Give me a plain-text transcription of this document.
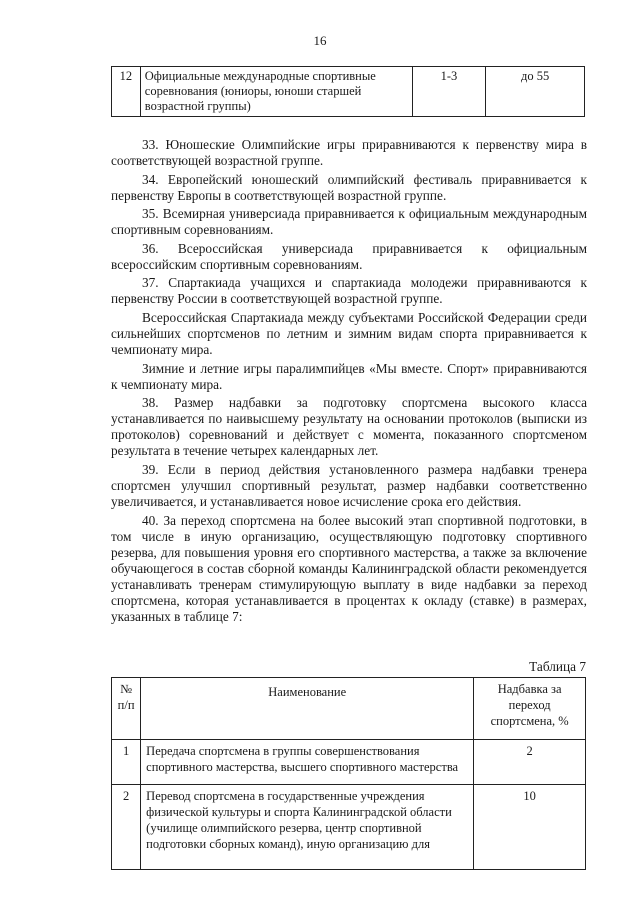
16
12	Официальные международные спортивные соревнования (юниоры, юноши старшей возрастной группы)	1-3	до 55

33. Юношеские Олимпийские игры приравниваются к первенству мира в соответствующей возрастной группе.

34. Европейский юношеский олимпийский фестиваль приравнивается к первенству Европы в соответствующей возрастной группе.

35. Всемирная универсиада приравнивается к официальным международным спортивным соревнованиям.

36. Всероссийская универсиада приравнивается к официальным всероссийским спортивным соревнованиям.

37. Спартакиада учащихся и спартакиада молодежи приравниваются к первенству России в соответствующей возрастной группе.

Всероссийская Спартакиада между субъектами Российской Федерации среди сильнейших спортсменов по летним и зимним видам спорта приравнивается к чемпионату мира.

Зимние и летние игры паралимпийцев «Мы вместе. Спорт» приравниваются к чемпионату мира.

38. Размер надбавки за подготовку спортсмена высокого класса устанавливается по наивысшему результату на основании протоколов (выписки из протоколов) соревнований и действует с момента, показанного спортсменом результата в течение четырех календарных лет.

39. Если в период действия установленного размера надбавки тренера спортсмен улучшил спортивный результат, размер надбавки соответственно увеличивается, и устанавливается новое исчисление срока его действия.

40. За переход спортсмена на более высокий этап спортивной подготовки, в том числе в иную организацию, осуществляющую подготовку спортивного резерва, для повышения уровня его спортивного мастерства, а также за включение обучающегося в состав сборной команды Калининградской области рекомендуется устанавливать тренерам стимулирующую выплату в виде надбавки за переход спортсмена, которая устанавливается в процентах к окладу (ставке) в размерах, указанных в таблице 7:

Таблица 7
№ п/п	Наименование	Надбавка за переход спортсмена, %
1	Передача спортсмена в группы совершенствования спортивного мастерства, высшего спортивного мастерства	2
2	Перевод спортсмена в государственные учреждения физической культуры и спорта Калининградской области (училище олимпийского резерва, центр спортивной подготовки сборных команд), иную организацию для	10
